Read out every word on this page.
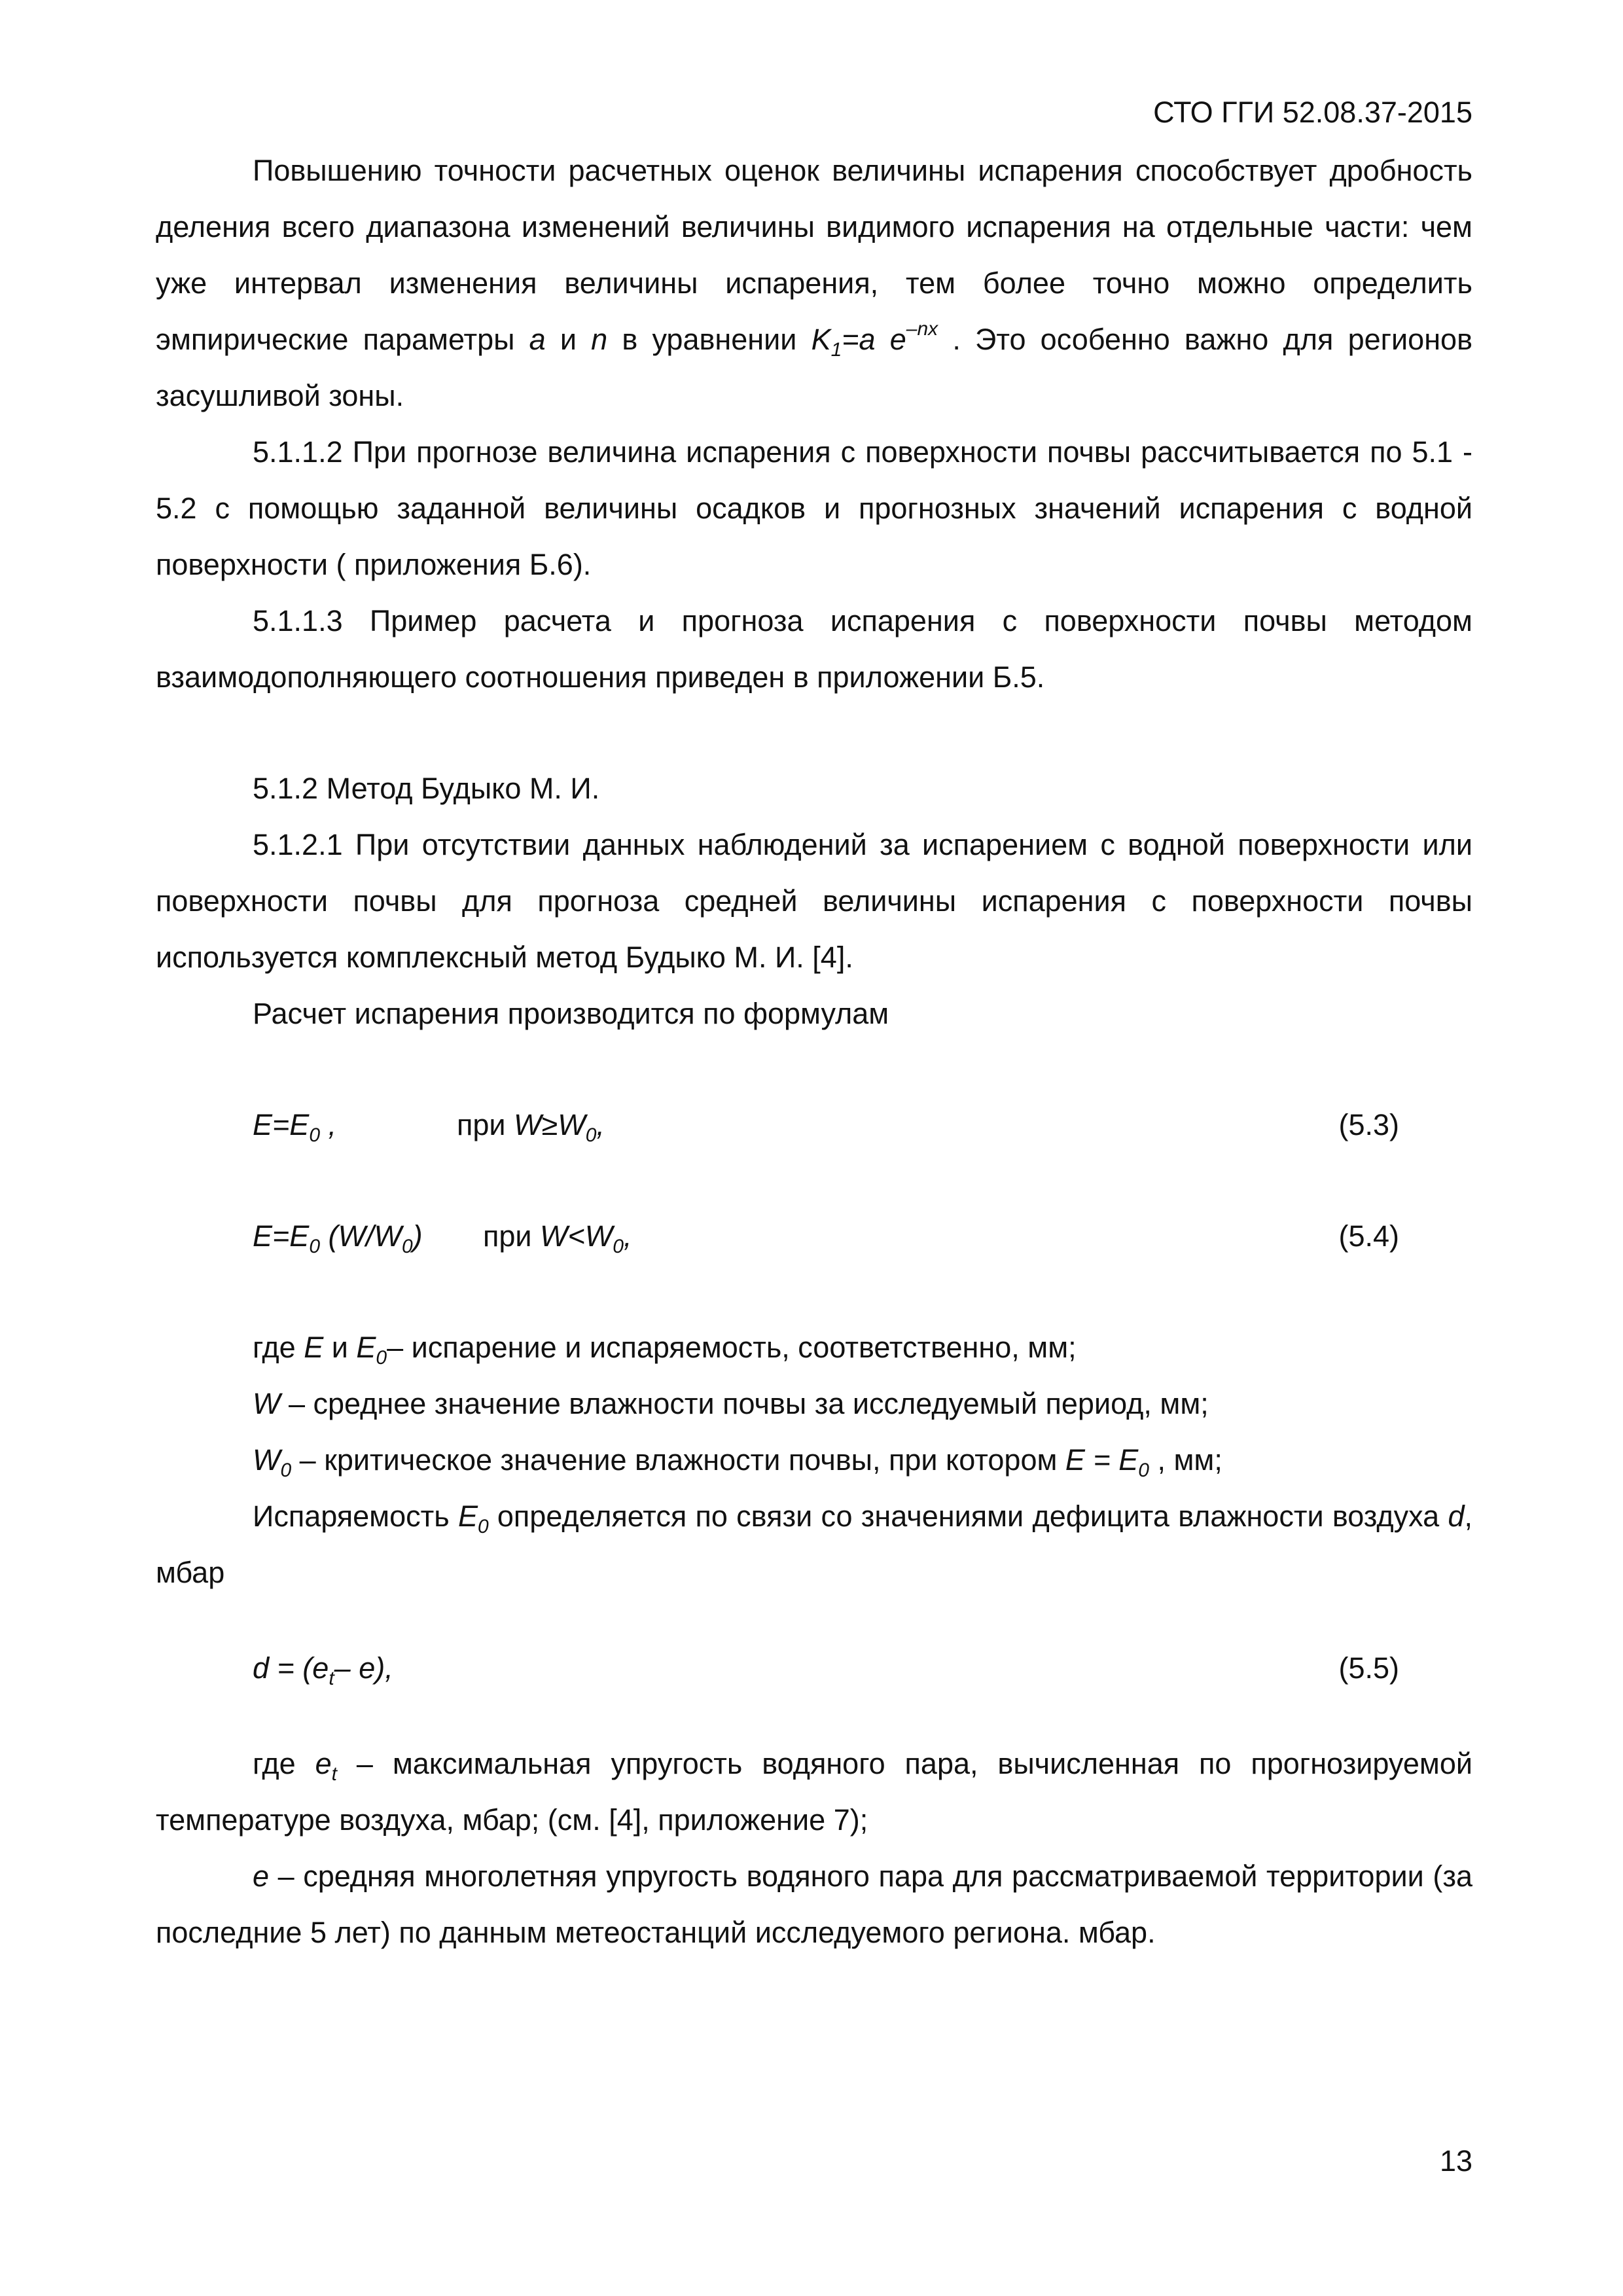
СТО ГГИ 52.08.37-2015

Повышению точности расчетных оценок величины испарения способствует дробность деления всего диапазона изменений величины видимого испарения на отдельные части: чем уже интервал изменения величины испарения, тем более точно можно определить эмпирические параметры a и n в уравнении $K_1=a$ $e^{-nx}$ . Это особенно важно для регионов засушливой зоны.

5.1.1.2 При прогнозе величина испарения с поверхности почвы рассчитывается по 5.1 - 5.2 с помощью заданной величины осадков и прогнозных значений испарения с водной поверхности ( приложения Б.6).

5.1.1.3 Пример расчета и прогноза испарения с поверхности почвы методом взаимодополняющего соотношения приведен в приложении Б.5.

5.1.2 Метод Будыко М. И.

5.1.2.1 При отсутствии данных наблюдений за испарением с водной поверхности или поверхности почвы для прогноза средней величины испарения с поверхности почвы используется комплексный метод Будыко М. И. [4].

Расчет испарения производится по формулам

$E=E_0$ ,	при $W\ge W_0$,	(5.3)
$E=E_0$ $(W/W_0)$ при $W<W_0$,	(5.4)

где E и $E_0-$ испарение и испаряемость, соответственно, мм;

W – среднее значение влажности почвы за исследуемый период, мм;

$W_0$ – критическое значение влажности почвы, при котором $E = E_0$ , мм;

Испаряемость $E_0$ определяется по связи со значениями дефицита влажности воздуха d, мбар

$d = (e_t-$ e),	(5.5)

где $e_t$ – максимальная упругость водяного пара, вычисленная по прогнозируемой температуре воздуха, мбар; (см. [4], приложение 7);

e – средняя многолетняя упругость водяного пара для рассматриваемой территории (за последние 5 лет) по данным метеостанций исследуемого региона. мбар.

13
